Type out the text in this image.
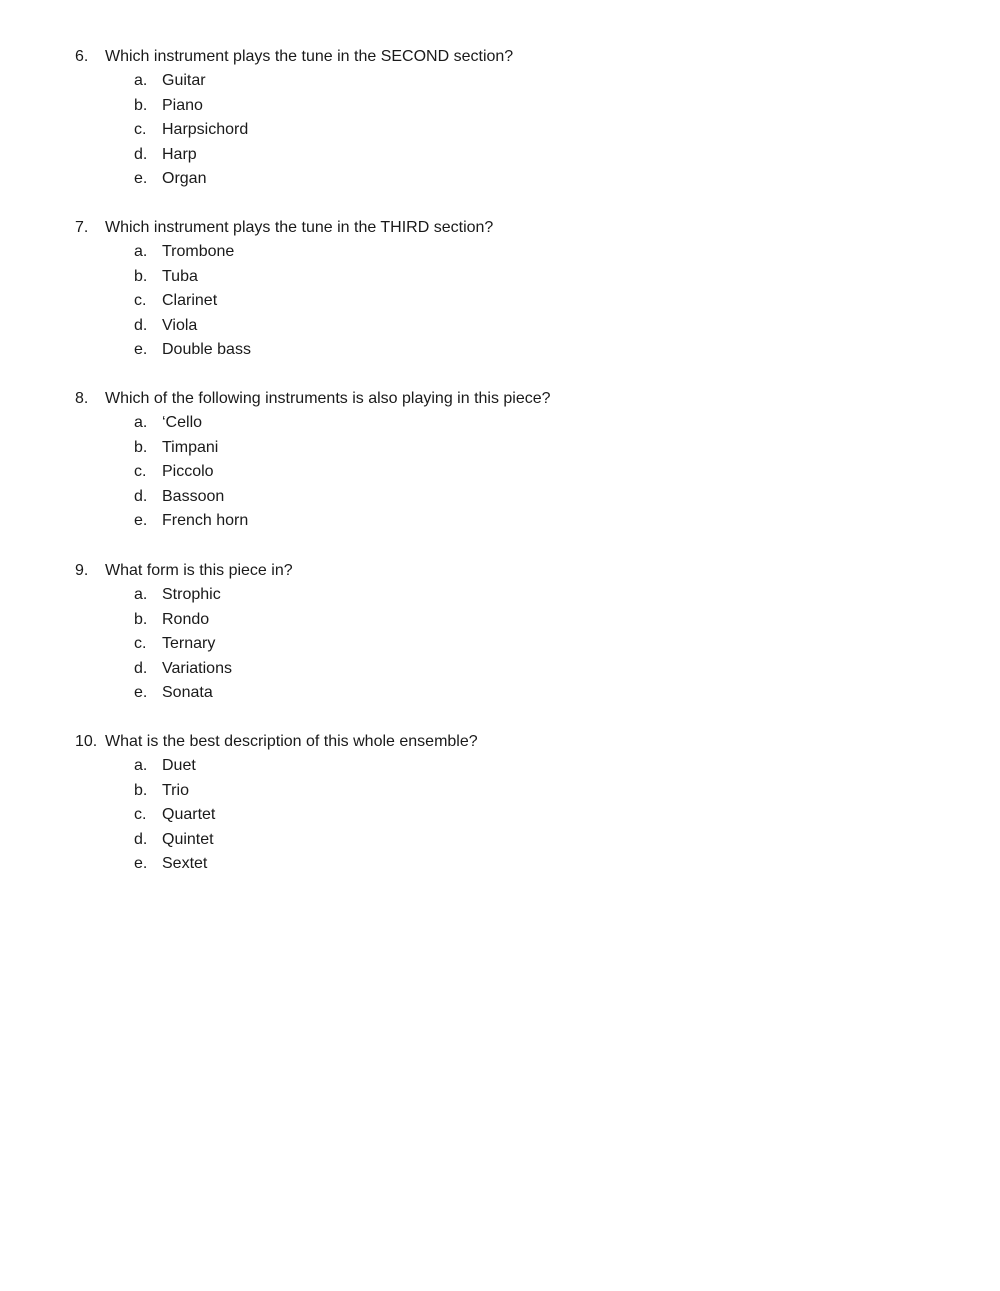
6. Which instrument plays the tune in the SECOND section?
a. Guitar
b. Piano
c. Harpsichord
d. Harp
e. Organ
7. Which instrument plays the tune in the THIRD section?
a. Trombone
b. Tuba
c. Clarinet
d. Viola
e. Double bass
8. Which of the following instruments is also playing in this piece?
a. ‘Cello
b. Timpani
c. Piccolo
d. Bassoon
e. French horn
9. What form is this piece in?
a. Strophic
b. Rondo
c. Ternary
d. Variations
e. Sonata
10. What is the best description of this whole ensemble?
a. Duet
b. Trio
c. Quartet
d. Quintet
e. Sextet
